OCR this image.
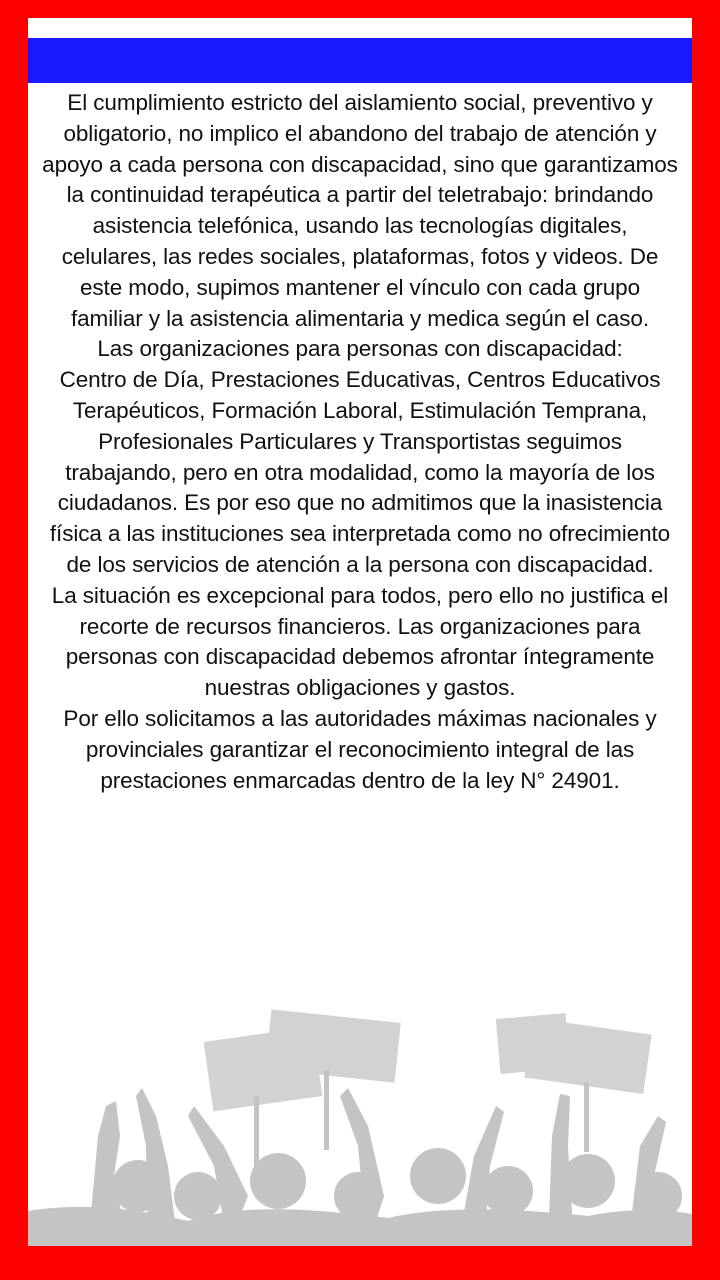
El cumplimiento estricto del aislamiento social, preventivo y obligatorio, no implico el abandono del trabajo de atención y apoyo a cada persona con discapacidad, sino que garantizamos la continuidad terapéutica a partir del teletrabajo: brindando asistencia telefónica, usando las tecnologías digitales, celulares, las redes sociales, plataformas, fotos y videos. De este modo, supimos mantener el vínculo con cada grupo familiar y la asistencia alimentaria y medica según el caso.

Las organizaciones para personas con discapacidad:

Centro de Día, Prestaciones Educativas, Centros Educativos Terapéuticos, Formación Laboral, Estimulación Temprana, Profesionales Particulares y Transportistas seguimos trabajando, pero en otra modalidad, como la mayoría de los ciudadanos. Es por eso que no admitimos que la inasistencia física a las instituciones sea interpretada como no ofrecimiento de los servicios de atención a la persona con discapacidad.

La situación es excepcional para todos, pero ello no justifica el recorte de recursos financieros. Las organizaciones para personas con discapacidad debemos afrontar íntegramente nuestras obligaciones y gastos.

Por ello solicitamos a las autoridades máximas nacionales y provinciales garantizar el reconocimiento integral de las prestaciones enmarcadas dentro de la ley N° 24901.
